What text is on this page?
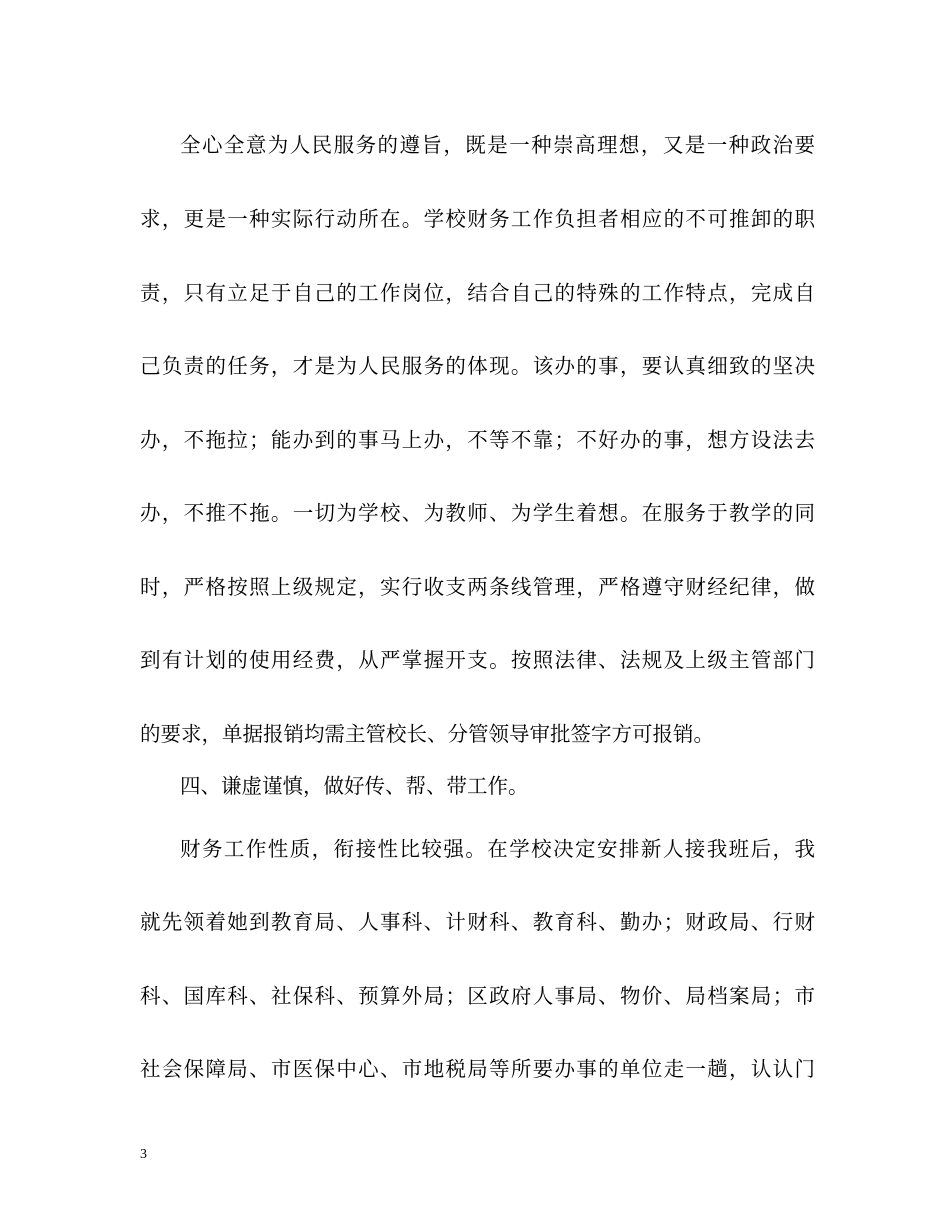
全心全意为人民服务的遵旨，既是一种崇高理想，又是一种政治要
求，更是一种实际行动所在。学校财务工作负担者相应的不可推卸的职
责，只有立足于自己的工作岗位，结合自己的特殊的工作特点，完成自
己负责的任务，才是为人民服务的体现。该办的事，要认真细致的坚决
办，不拖拉；能办到的事马上办，不等不靠；不好办的事，想方设法去
办，不推不拖。一切为学校、为教师、为学生着想。在服务于教学的同
时，严格按照上级规定，实行收支两条线管理，严格遵守财经纪律，做
到有计划的使用经费，从严掌握开支。按照法律、法规及上级主管部门
的要求，单据报销均需主管校长、分管领导审批签字方可报销。
四、谦虚谨慎，做好传、帮、带工作。
财务工作性质，衔接性比较强。在学校决定安排新人接我班后，我
就先领着她到教育局、人事科、计财科、教育科、勤办；财政局、行财
科、国库科、社保科、预算外局；区政府人事局、物价、局档案局；市
社会保障局、市医保中心、市地税局等所要办事的单位走一趟，认认门
3
